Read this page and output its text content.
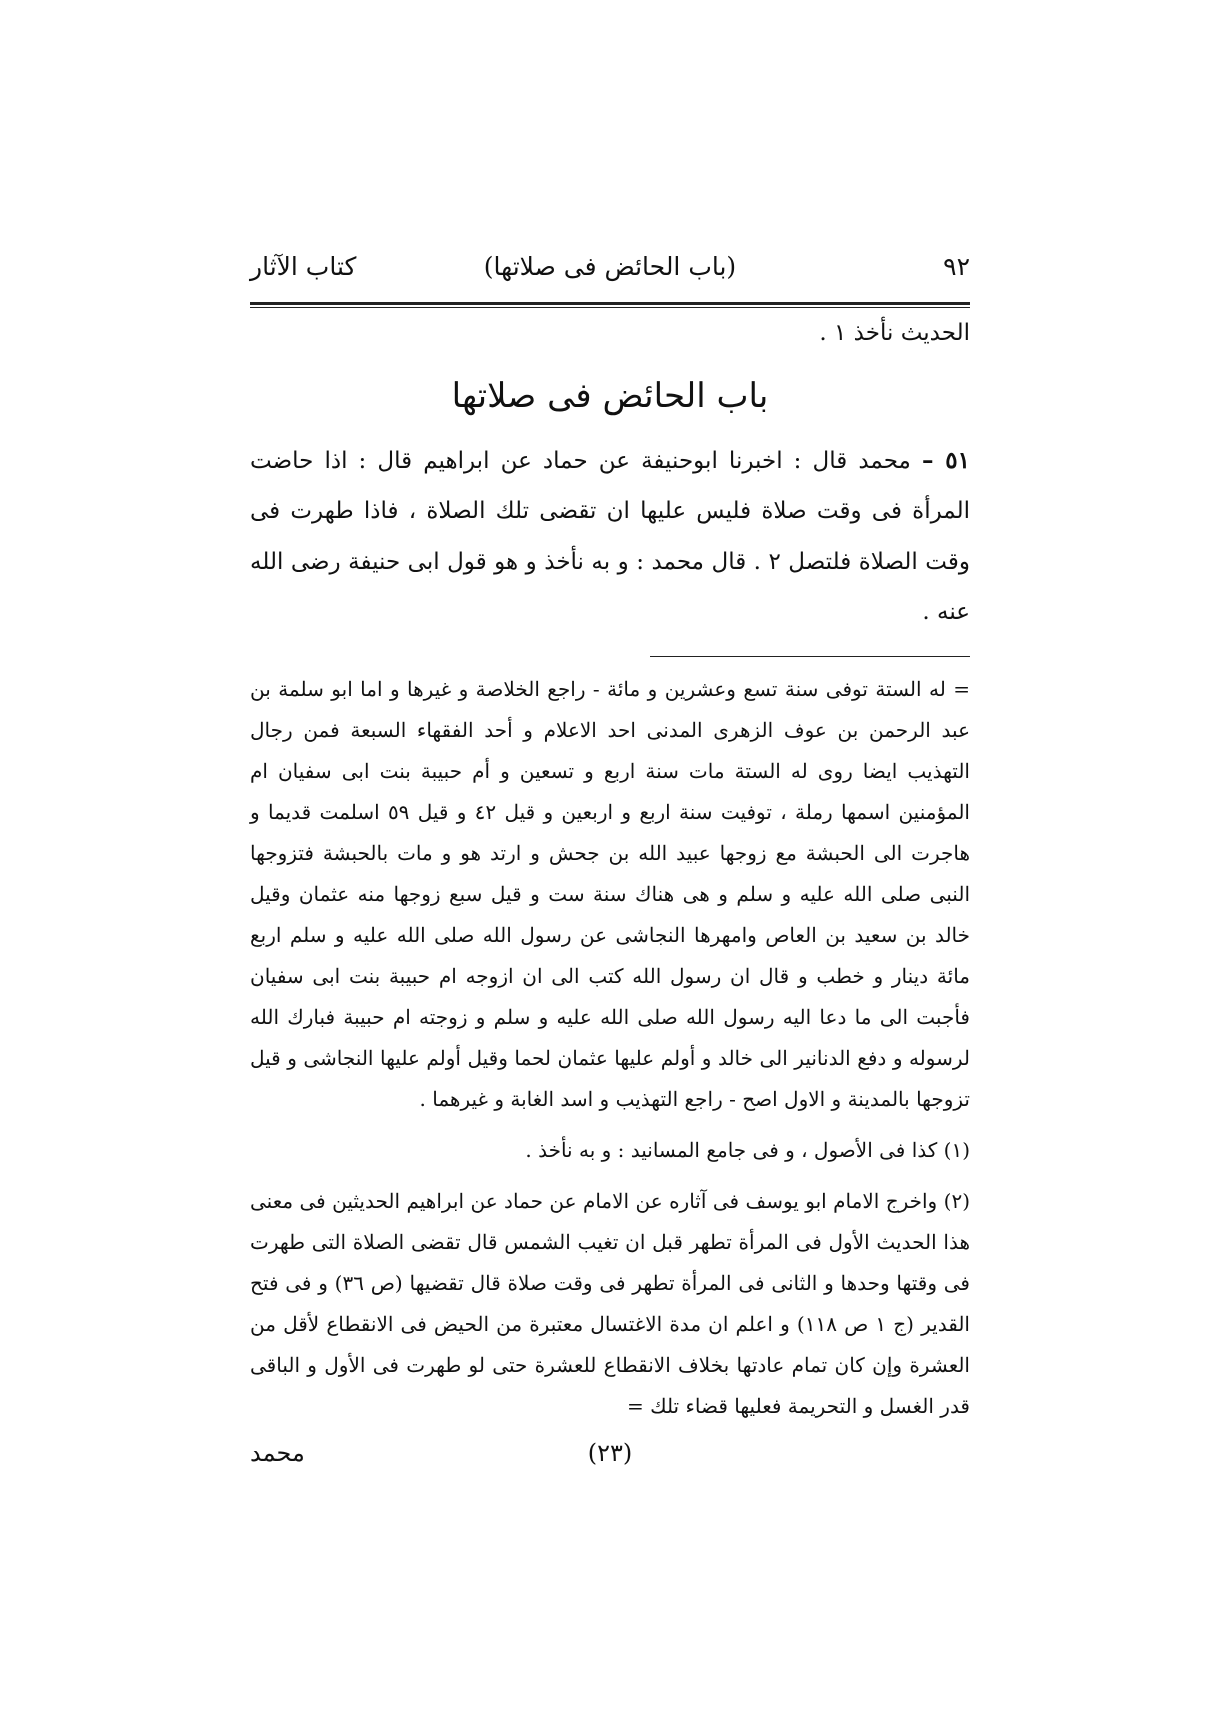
٩٢
(باب الحائض فی صلاتها)
کتاب الآثار
الحديث نأخذ ١ .
باب الحائض فی صلاتها
٥١ – محمد قال : اخبرنا ابوحنيفة عن حماد عن ابراهيم قال : اذا حاضت المرأة فی وقت صلاة فليس عليها ان تقضی تلك الصلاة ، فاذا طهرت فی وقت الصلاة فلتصل ٢ . قال محمد : و به نأخذ و هو قول ابی حنيفة رضی الله عنه .
= له الستة توفی سنة تسع وعشرين و مائة - راجع الخلاصة و غيرها و اما ابو سلمة بن عبد الرحمن بن عوف الزهری المدنی احد الاعلام و أحد الفقهاء السبعة فمن رجال التهذيب ايضا روی له الستة مات سنة اربع و تسعين و أم حبيبة بنت ابی سفيان ام المؤمنين اسمها رملة ، توفيت سنة اربع و اربعين و قيل ٤٢ و قيل ٥٩ اسلمت قديما و هاجرت الی الحبشة مع زوجها عبيد الله بن جحش و ارتد هو و مات بالحبشة فتزوجها النبی صلی الله عليه و سلم و هی هناك سنة ست و قيل سبع زوجها منه عثمان وقيل خالد بن سعيد بن العاص وامهرها النجاشی عن رسول الله صلی الله عليه و سلم اربع مائة دينار و خطب و قال ان رسول الله كتب الی ان ازوجه ام حبيبة بنت ابی سفيان فأجبت الی ما دعا اليه رسول الله صلی الله عليه و سلم و زوجته ام حبيبة فبارك الله لرسوله و دفع الدنانير الی خالد و أولم عليها عثمان لحما وقيل أولم عليها النجاشی و قيل تزوجها بالمدينة و الاول اصح - راجع التهذيب و اسد الغابة و غيرهما .
(١) كذا فی الأصول ، و فی جامع المسانيد : و به نأخذ .
(٢) واخرج الامام ابو يوسف فی آثاره عن الامام عن حماد عن ابراهيم الحديثين فی معنی هذا الحديث الأول فی المرأة تطهر قبل ان تغيب الشمس قال تقضی الصلاة التی طهرت فی وقتها وحدها و الثانی فی المرأة تطهر فی وقت صلاة قال تقضيها (ص ٣٦) و فی فتح القدير (ج ١ ص ١١٨) و اعلم ان مدة الاغتسال معتبرة من الحيض فی الانقطاع لأقل من العشرة وإن كان تمام عادتها بخلاف الانقطاع للعشرة حتی لو طهرت فی الأول و الباقی قدر الغسل و التحريمة فعليها قضاء تلك =
(٢٣)
محمد
